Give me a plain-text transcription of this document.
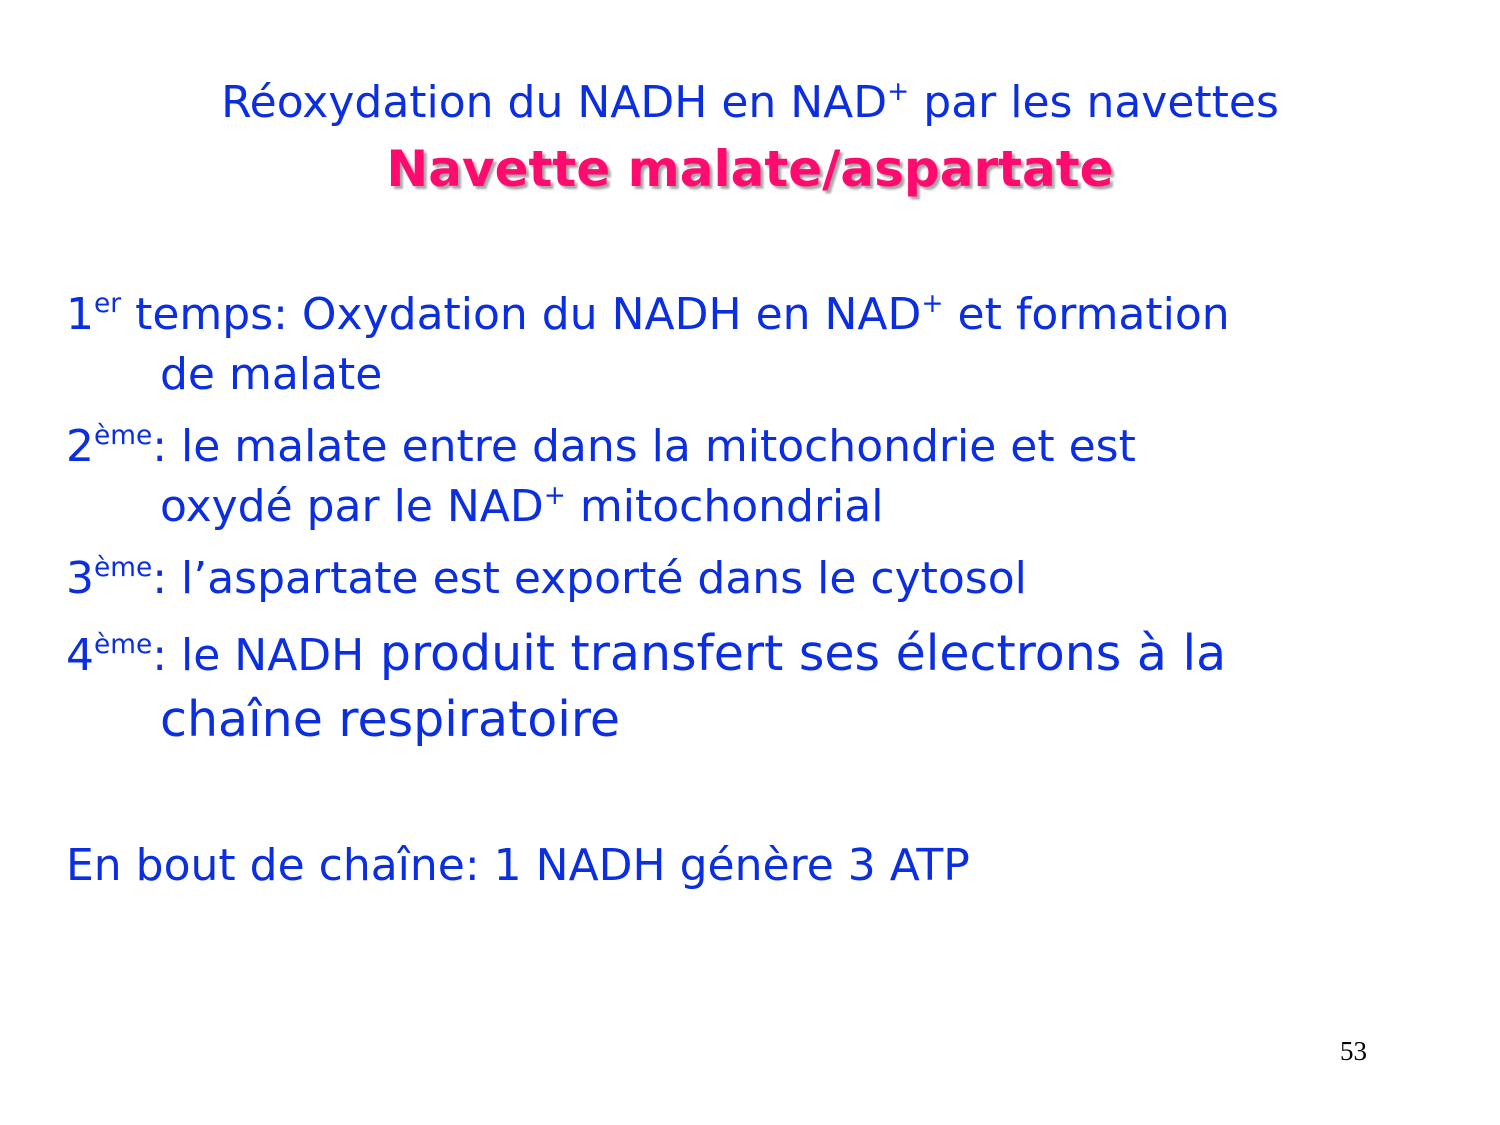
Réoxydation du NADH en NAD+ par les navettes
Navette malate/aspartate
1er temps: Oxydation du NADH en NAD+ et formation
de malate
2ème: le malate entre dans la mitochondrie et est
oxydé par le NAD+ mitochondrial
3ème: l’aspartate est exporté dans le cytosol
4ème: le NADH produit transfert ses électrons à la
chaîne respiratoire
En bout de chaîne: 1 NADH génère 3 ATP
53
